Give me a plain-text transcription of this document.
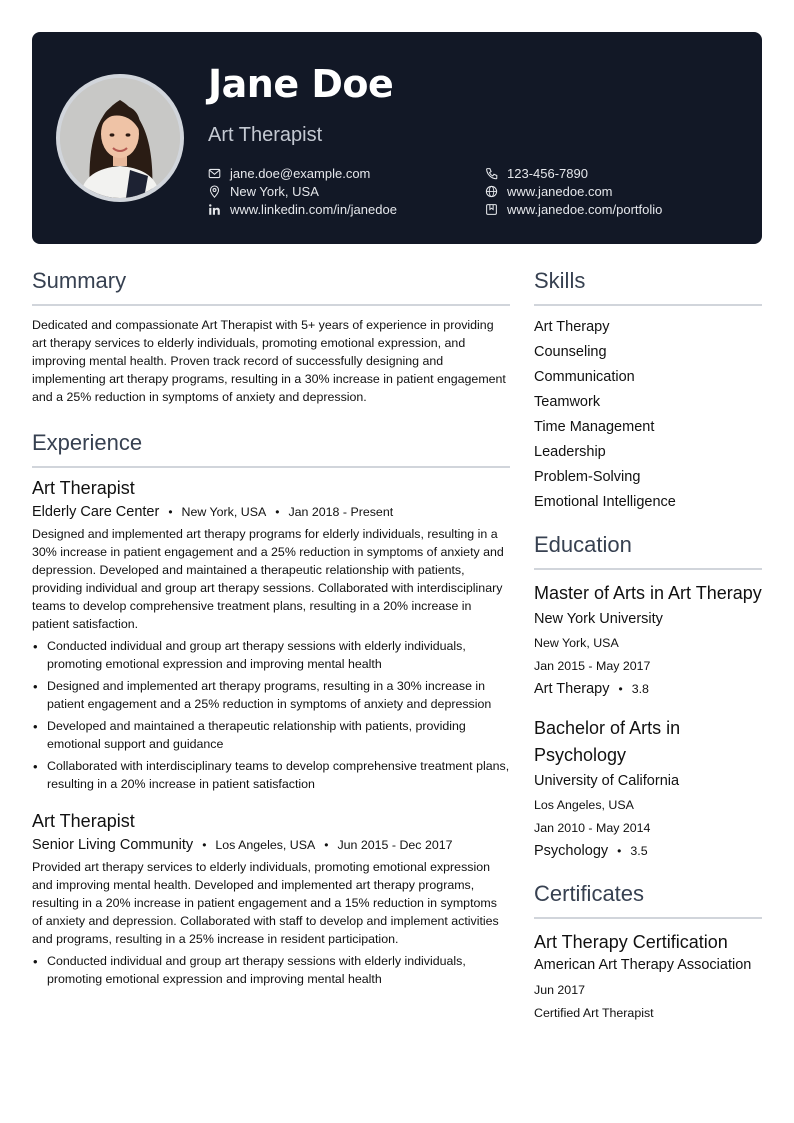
Jane Doe
Art Therapist
jane.doe@example.com	123-456-7890
New York, USA	www.janedoe.com
www.linkedin.com/in/janedoe	www.janedoe.com/portfolio
Summary

Dedicated and compassionate Art Therapist with 5+ years of experience in providing art therapy services to elderly individuals, promoting emotional expression, and improving mental health. Proven track record of successfully designing and implementing art therapy programs, resulting in a 30% increase in patient engagement and a 25% reduction in symptoms of anxiety and depression.

Experience
Art Therapist
Elderly Care Center • New York, USA • Jan 2018 - Present

Designed and implemented art therapy programs for elderly individuals, resulting in a 30% increase in patient engagement and a 25% reduction in symptoms of anxiety and depression. Developed and maintained a therapeutic relationship with patients, providing individual and group art therapy sessions. Collaborated with interdisciplinary teams to develop comprehensive treatment plans, resulting in a 20% increase in patient satisfaction.

• Conducted individual and group art therapy sessions with elderly individuals, promoting emotional expression and improving mental health
• Designed and implemented art therapy programs, resulting in a 30% increase in patient engagement and a 25% reduction in symptoms of anxiety and depression
• Developed and maintained a therapeutic relationship with patients, providing emotional support and guidance
• Collaborated with interdisciplinary teams to develop comprehensive treatment plans, resulting in a 20% increase in patient satisfaction
Art Therapist
Senior Living Community • Los Angeles, USA • Jun 2015 - Dec 2017

Provided art therapy services to elderly individuals, promoting emotional expression and improving mental health. Developed and implemented art therapy programs, resulting in a 20% increase in patient engagement and a 15% reduction in symptoms of anxiety and depression. Collaborated with staff to develop and implement activities and programs, resulting in a 25% increase in resident participation.

• Conducted individual and group art therapy sessions with elderly individuals, promoting emotional expression and improving mental health
Skills
Art Therapy
Counseling
Communication
Teamwork
Time Management
Leadership
Problem-Solving
Emotional Intelligence
Education
Master of Arts in Art Therapy
New York University
New York, USA
Jan 2015 - May 2017
Art Therapy • 3.8
Bachelor of Arts in Psychology
University of California
Los Angeles, USA
Jan 2010 - May 2014
Psychology • 3.5
Certificates
Art Therapy Certification
American Art Therapy Association
Jun 2017
Certified Art Therapist
